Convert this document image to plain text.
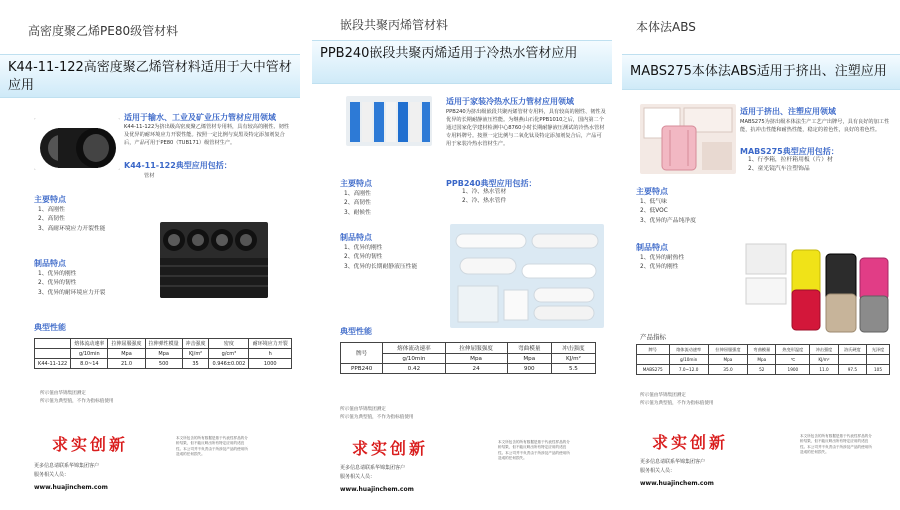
高密度聚乙烯PE80级管材料
K44-11-122高密度聚乙烯管材料适用于大中管材应用
适用于输水、工业及矿业压力管材应用领域
K44-11-122为挤出级高密度聚乙烯管材专用料，具有较高的刚性、韧性及优异的耐环境应力开裂性能。按照一定比例与炭黑及特定添加剂复合后，产品可用于PE80（TUB171）级管材生产。
K44-11-122典型应用包括：
管材
主要特点
1、高刚性
2、高韧性
3、高耐环境应力开裂性能
制品特点
1、优异的刚性
2、优异的韧性
3、优异的耐环境应力开裂
典型性能
	熔体流动速率	拉伸屈服强度	拉伸弹性模量	冲击强度	密度	耐环境应力开裂
	g/10min	Mpa	Mpa	KJ/m²	g/cm³	h
K44-11-122	8.0~14	21.0	500	35	0.946±0.002	1000
所示值由华锦集团测定
所示值为典型值，不作为指标值使用
求实创新	本文所包含的所有数据是基于代表性样品的分析结果，但不能反映出所有特定应用的适宜性。本公司并不负责由于所涉及产品的使用所造成的任何损失。
更多信息请联系华锦集团客户
服务相关人员：
www.huajinchem.com
嵌段共聚丙烯管材料
PPB240嵌段共聚丙烯适用于冷热水管材应用
适用于家装冷热水压力管材应用领域
PPB240为挤出级嵌段共聚丙烯管材专用料，具有较高的刚性、韧性及优异的长期耐静液压性能。为继燕山石化PPB1010之后，国内第二个通过国家化学建材检测中心8760小时长期耐静液压测试的冷热水管材专用料牌号。按照一定比例与二氧化钛及特定添加剂复合后，产品可用于家装冷热水管材生产。
PPB240典型应用包括：
1、冷、热水管材
2、冷、热水管件
主要特点
1、高刚性
2、高韧性
3、耐候性
制品特点
1、优异的刚性
2、优异的韧性
3、优异的长期耐静液压性能
典型性能
牌号	熔体流动速率	拉伸屈服强度	弯曲模量	冲击强度
	g/10min	Mpa	Mpa	KJ/m²
PPB240	0.42	24	900	5.5
所示值由华锦集团测定
所示值为典型值，不作为指标值使用
求实创新	本文所包含的所有数据是基于代表性样品的分析结果，但不能反映出所有特定应用的适宜性。本公司并不负责由于所涉及产品的使用所造成的任何损失。
更多信息请联系华锦集团客户
服务相关人员：
www.huajinchem.com
本体法ABS
MABS275本体法ABS适用于挤出、注塑应用
适用于挤出、注塑应用领域
MABS275为挤出级本体法生产工艺产出牌号，具有良好的加工性能，抗冲击性能和耐热性能，稳定的着色性，良好的着色性。
MABS275典型应用包括：
1、行李箱，拉杆箱用板（片）材
2、童光镜汽车注塑饰品
主要特点
1、低气味
2、低VOC
3、优异的产品纯净度
制品特点
1、优异的耐热性
2、优异的刚性
产品指标
牌号	熔体流动速率	拉伸屈服强度	弯曲模量	热变形温度	冲击强度	洛氏硬度	光泽度
	g/10min	Mpa	Mpa	℃	KJ/m²		
MABS275	7.0~12.0	35.0	52	1900	11.0	97.5	105
所示值由华锦集团测定
所示值为典型值，不作为指标值使用
求实创新	本文所包含的所有数据是基于代表性样品的分析结果，但不能反映出所有特定应用的适宜性。本公司并不负责由于所涉及产品的使用所造成的任何损失。
更多信息请联系华锦集团客户
服务相关人员：
www.huajinchem.com
